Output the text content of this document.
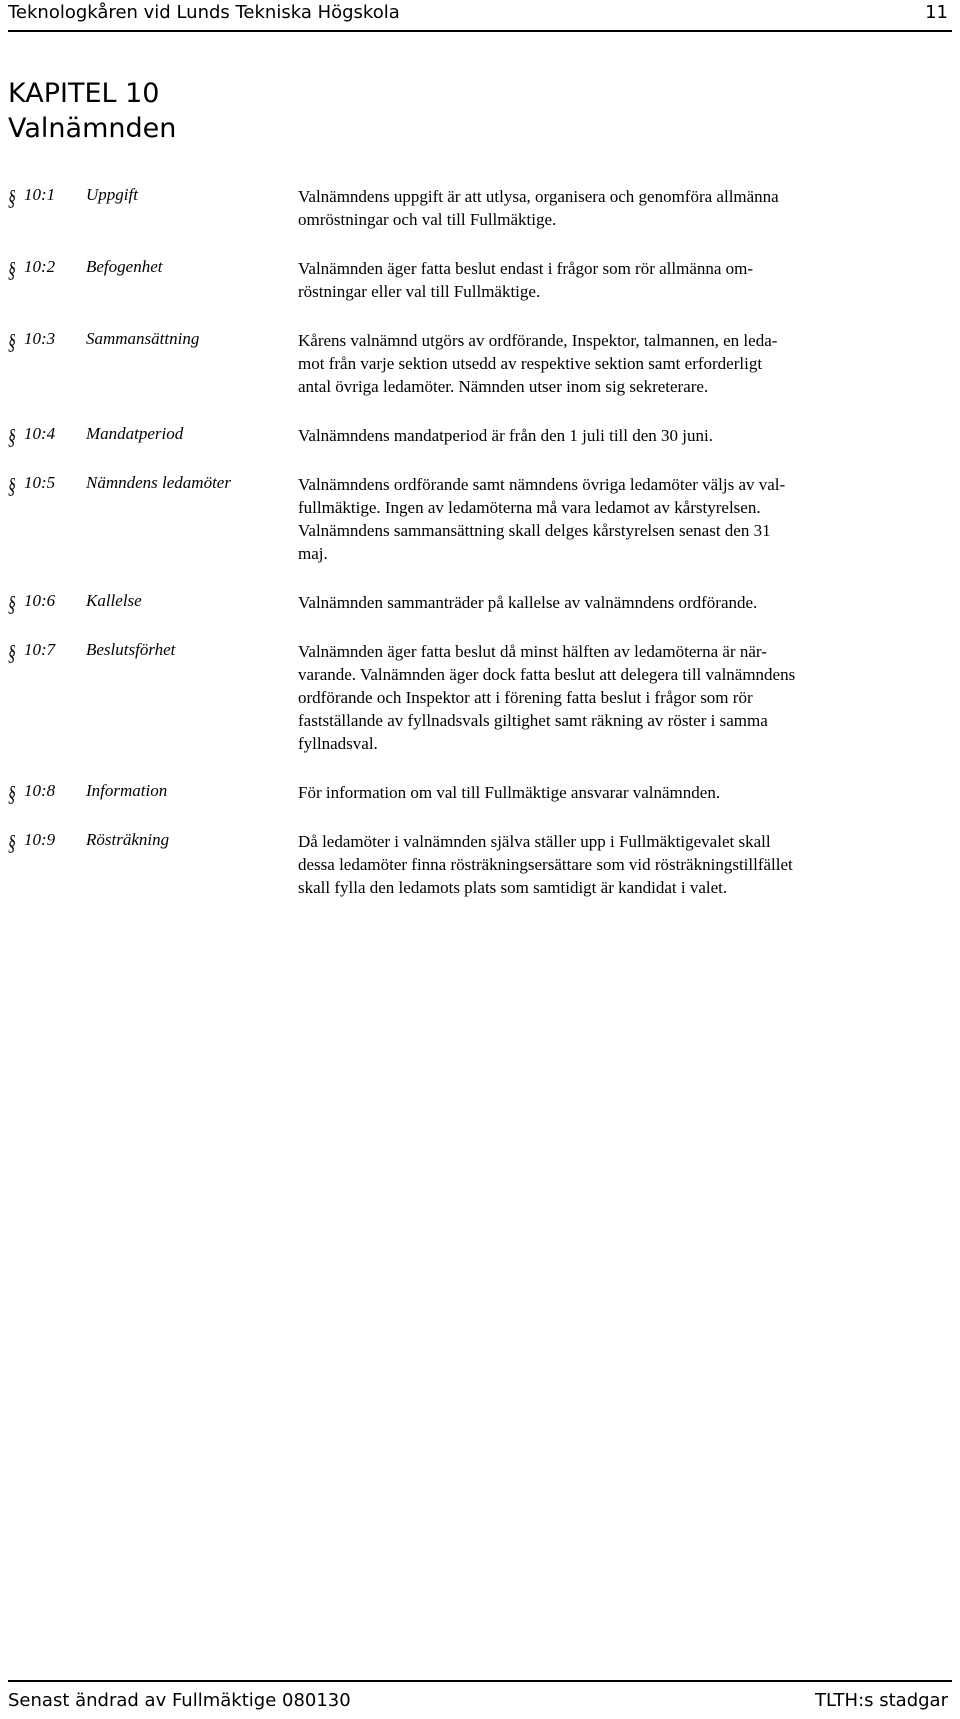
Teknologkåren vid Lunds Tekniska Högskola	11
KAPITEL 10
Valnämnden
§ 10:1 Uppgift	Valnämndens uppgift är att utlysa, organisera och genomföra allmänna
omröstningar och val till Fullmäktige.
§ 10:2 Befogenhet	Valnämnden äger fatta beslut endast i frågor som rör allmänna om-
röstningar eller val till Fullmäktige.
§ 10:3 Sammansättning	Kårens valnämnd utgörs av ordförande, Inspektor, talmannen, en leda-
mot från varje sektion utsedd av respektive sektion samt erforderligt
antal övriga ledamöter. Nämnden utser inom sig sekreterare.
§ 10:4 Mandatperiod	Valnämndens mandatperiod är från den 1 juli till den 30 juni.
§ 10:5 Nämndens ledamöter	Valnämndens ordförande samt nämndens övriga ledamöter väljs av val-
fullmäktige. Ingen av ledamöterna må vara ledamot av kårstyrelsen.
Valnämndens sammansättning skall delges kårstyrelsen senast den 31
maj.
§ 10:6 Kallelse	Valnämnden sammanträder på kallelse av valnämndens ordförande.
§ 10:7 Beslutsförhet	Valnämnden äger fatta beslut då minst hälften av ledamöterna är när-
varande. Valnämnden äger dock fatta beslut att delegera till valnämndens
ordförande och Inspektor att i förening fatta beslut i frågor som rör
fastställande av fyllnadsvals giltighet samt räkning av röster i samma
fyllnadsval.
§ 10:8 Information	För information om val till Fullmäktige ansvarar valnämnden.
§ 10:9 Rösträkning	Då ledamöter i valnämnden själva ställer upp i Fullmäktigevalet skall
dessa ledamöter finna rösträkningsersättare som vid rösträkningstillfället
skall fylla den ledamots plats som samtidigt är kandidat i valet.
Senast ändrad av Fullmäktige 080130	TLTH:s stadgar
